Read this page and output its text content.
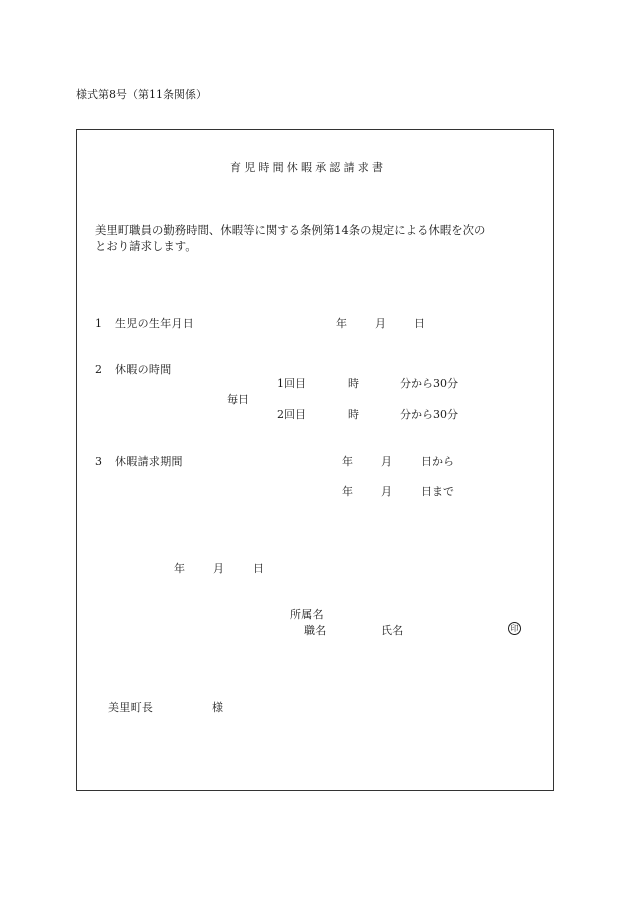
様式第8号（第11条関係）
育児時間休暇承認請求書
美里町職員の勤務時間、休暇等に関する条例第14条の規定による休暇を次の
とおり請求します。
1 生児の生年月日	年	月	日
2 休暇の時間
1回目	時	分から30分
毎日
2回目	時	分から30分
3 休暇請求期間	年	月	日から
年	月	日まで
年	月	日
所属名
職名	氏名	印
美里町長	様
